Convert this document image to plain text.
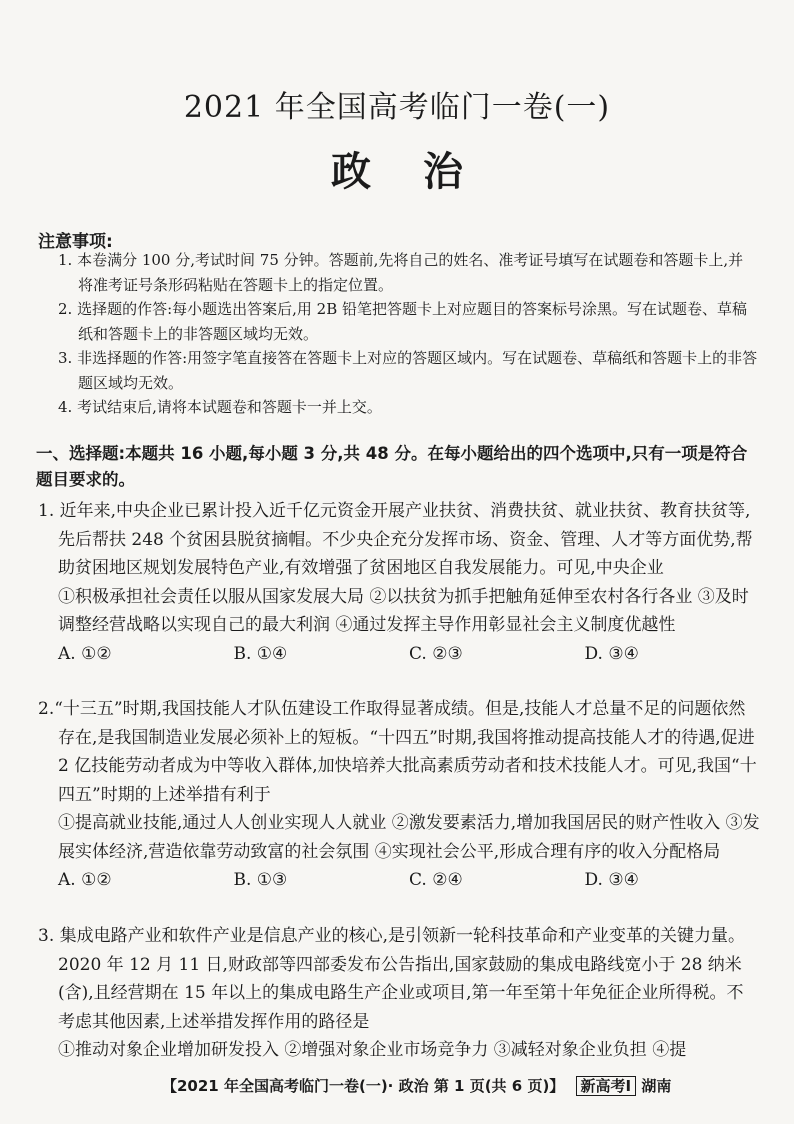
2021 年全国高考临门一卷(一)
政治
注意事项:
1. 本卷满分 100 分,考试时间 75 分钟。答题前,先将自己的姓名、准考证号填写在试题卷和答题卡上,并将准考证号条形码粘贴在答题卡上的指定位置。
2. 选择题的作答:每小题选出答案后,用 2B 铅笔把答题卡上对应题目的答案标号涂黑。写在试题卷、草稿纸和答题卡上的非答题区域均无效。
3. 非选择题的作答:用签字笔直接答在答题卡上对应的答题区域内。写在试题卷、草稿纸和答题卡上的非答题区域均无效。
4. 考试结束后,请将本试题卷和答题卡一并上交。
一、选择题:本题共 16 小题,每小题 3 分,共 48 分。在每小题给出的四个选项中,只有一项是符合题目要求的。
1. 近年来,中央企业已累计投入近千亿元资金开展产业扶贫、消费扶贫、就业扶贫、教育扶贫等,先后帮扶 248 个贫困县脱贫摘帽。不少央企充分发挥市场、资金、管理、人才等方面优势,帮助贫困地区规划发展特色产业,有效增强了贫困地区自我发展能力。可见,中央企业
①积极承担社会责任以服从国家发展大局 ②以扶贫为抓手把触角延伸至农村各行各业 ③及时调整经营战略以实现自己的最大利润 ④通过发挥主导作用彰显社会主义制度优越性
A. ①②	B. ①④	C. ②③	D. ③④
2.“十三五”时期,我国技能人才队伍建设工作取得显著成绩。但是,技能人才总量不足的问题依然存在,是我国制造业发展必须补上的短板。“十四五”时期,我国将推动提高技能人才的待遇,促进 2 亿技能劳动者成为中等收入群体,加快培养大批高素质劳动者和技术技能人才。可见,我国“十四五”时期的上述举措有利于
①提高就业技能,通过人人创业实现人人就业 ②激发要素活力,增加我国居民的财产性收入 ③发展实体经济,营造依靠劳动致富的社会氛围 ④实现社会公平,形成合理有序的收入分配格局
A. ①②	B. ①③	C. ②④	D. ③④
3. 集成电路产业和软件产业是信息产业的核心,是引领新一轮科技革命和产业变革的关键力量。2020 年 12 月 11 日,财政部等四部委发布公告指出,国家鼓励的集成电路线宽小于 28 纳米(含),且经营期在 15 年以上的集成电路生产企业或项目,第一年至第十年免征企业所得税。不考虑其他因素,上述举措发挥作用的路径是
①推动对象企业增加研发投入 ②增强对象企业市场竞争力 ③减轻对象企业负担 ④提
【2021 年全国高考临门一卷(一)· 政治 第 1 页(共 6 页)】 新高考Ⅰ 湖南
